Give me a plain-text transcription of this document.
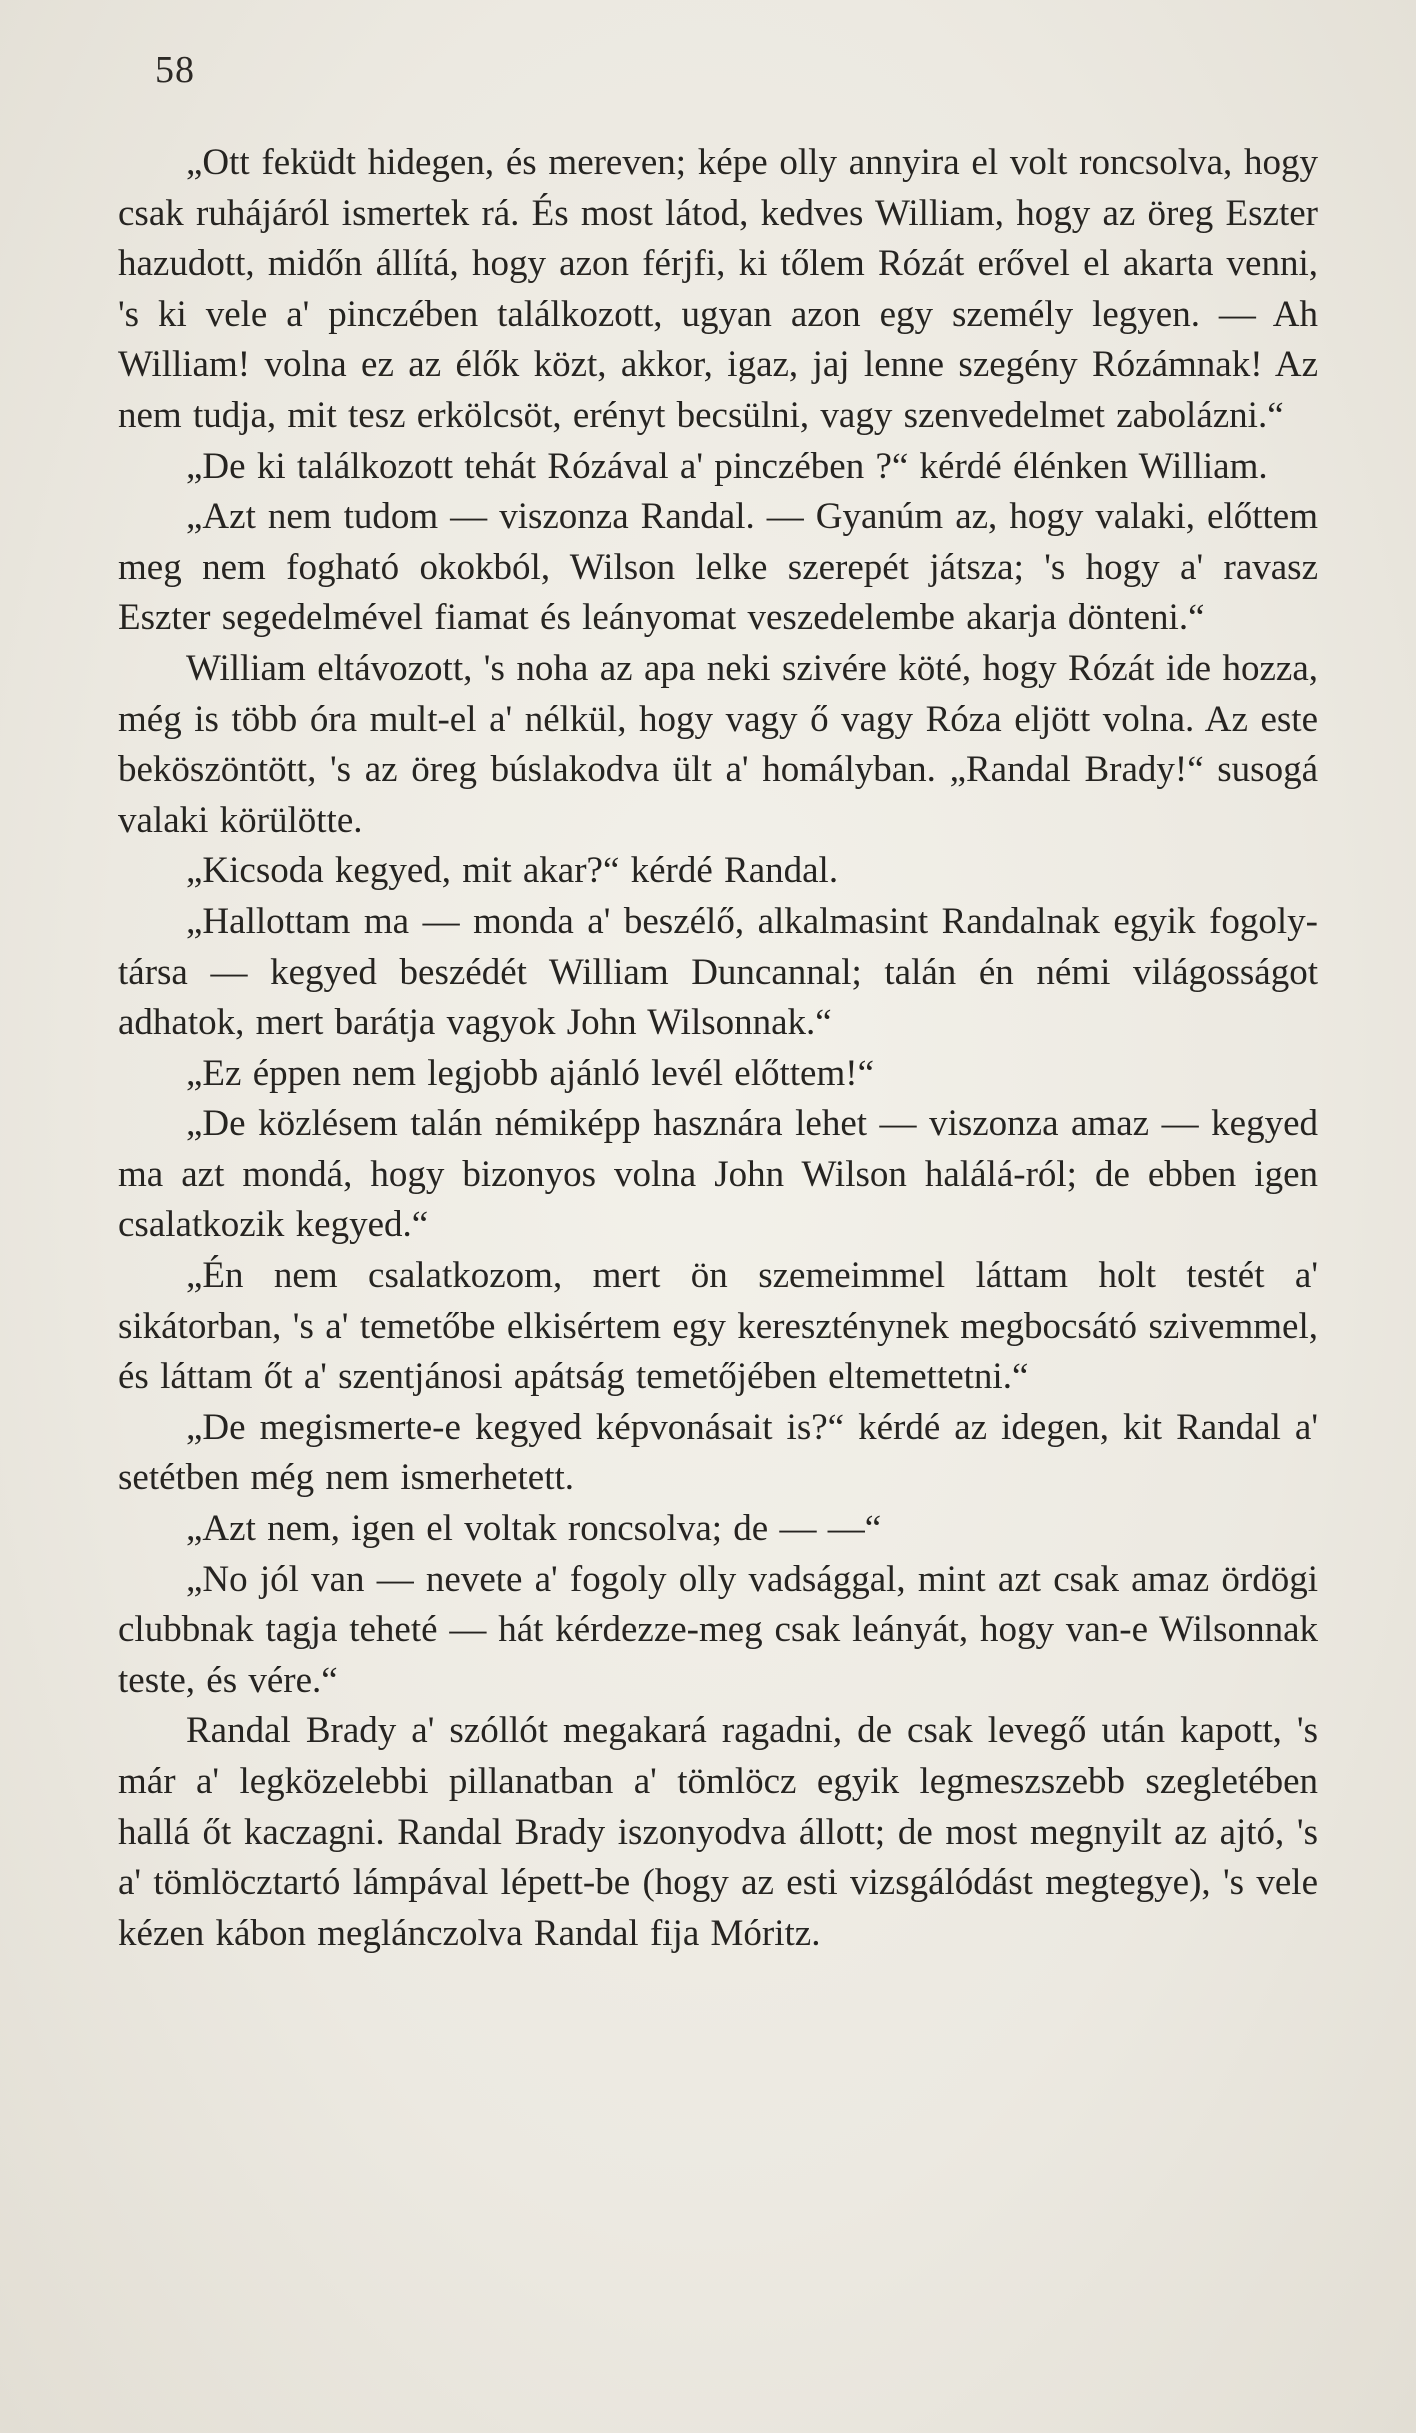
58

„Ott feküdt hidegen, és mereven; képe olly annyira el volt roncsolva, hogy csak ruhájáról ismertek rá. És most látod, kedves William, hogy az öreg Eszter hazudott, midőn állítá, hogy azon férjfi, ki tőlem Rózát erővel el akarta venni, 's ki vele a' pinczében találkozott, ugyan azon egy személy legyen. — Ah William! volna ez az élők közt, akkor, igaz, jaj lenne szegény Rózámnak! Az nem tudja, mit tesz erkölcsöt, erényt becsülni, vagy szenvedelmet zabolázni.“

„De ki találkozott tehát Rózával a' pinczében ?“ kérdé élénken William.

„Azt nem tudom — viszonza Randal. — Gyanúm az, hogy valaki, előttem meg nem fogható okokból, Wilson lelke szerepét játsza; 's hogy a' ravasz Eszter segedelmével fiamat és leányomat veszedelembe akarja dönteni.“

William eltávozott, 's noha az apa neki szivére köté, hogy Rózát ide hozza, még is több óra mult-el a' nélkül, hogy vagy ő vagy Róza eljött volna. Az este beköszöntött, 's az öreg búslakodva ült a' homályban. „Randal Brady!“ susogá valaki körülötte.

„Kicsoda kegyed, mit akar?“ kérdé Randal.

„Hallottam ma — monda a' beszélő, alkalmasint Randalnak egyik fogoly-társa — kegyed beszédét William Duncannal; talán én némi világosságot adhatok, mert barátja vagyok John Wilsonnak.“

„Ez éppen nem legjobb ajánló levél előttem!“

„De közlésem talán némiképp hasznára lehet — viszonza amaz — kegyed ma azt mondá, hogy bizonyos volna John Wilson halálá-ról; de ebben igen csalatkozik kegyed.“

„Én nem csalatkozom, mert ön szemeimmel láttam holt testét a' sikátorban, 's a' temetőbe elkisértem egy kereszténynek megbocsátó szivemmel, és láttam őt a' szentjánosi apátság temetőjében eltemettetni.“

„De megismerte-e kegyed képvonásait is?“ kérdé az idegen, kit Randal a' setétben még nem ismerhetett.

„Azt nem, igen el voltak roncsolva; de — —“

„No jól van — nevete a' fogoly olly vadsággal, mint azt csak amaz ördögi clubbnak tagja teheté — hát kérdezze-meg csak leányát, hogy van-e Wilsonnak teste, és vére.“

Randal Brady a' szóllót megakará ragadni, de csak levegő után kapott, 's már a' legközelebbi pillanatban a' tömlöcz egyik legmeszszebb szegletében hallá őt kaczagni. Randal Brady iszonyodva állott; de most megnyilt az ajtó, 's a' tömlöcztartó lámpával lépett-be (hogy az esti vizsgálódást megtegye), 's vele kézen kábon meglánczolva Randal fija Móritz.
